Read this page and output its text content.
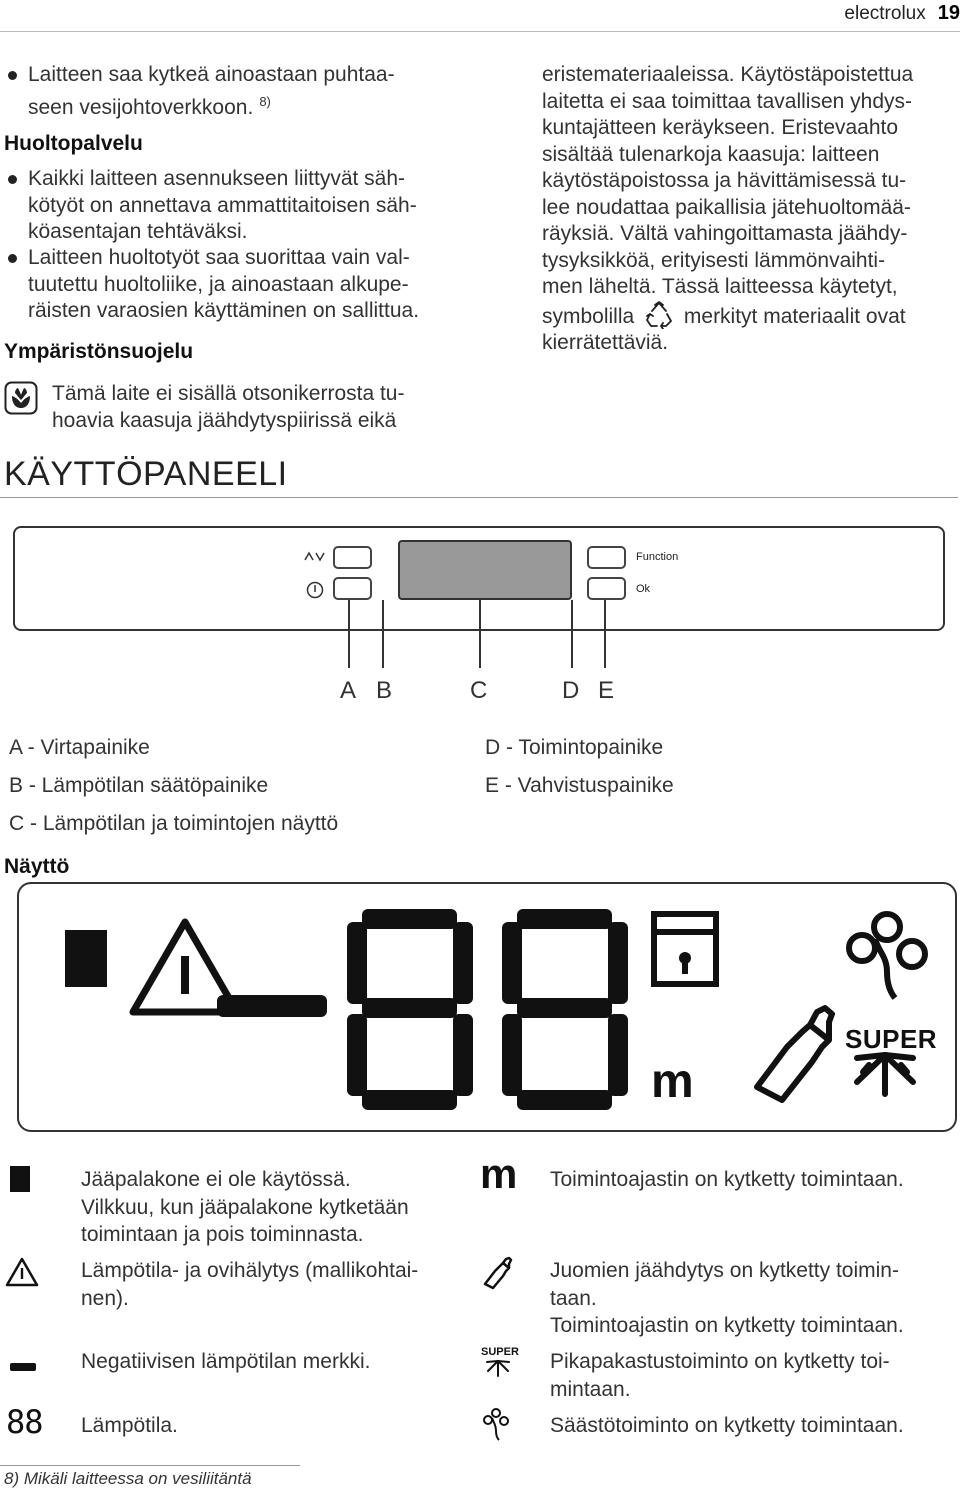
electrolux 19
Laitteen saa kytkeä ainoastaan puhtaa-
seen vesijohtoverkkoon. $^{8)}$
Huoltopalvelu
Kaikki laitteen asennukseen liittyvät säh-
kötyöt on annettava ammattitaitoisen säh-
köasentajan tehtäväksi.
Laitteen huoltotyöt saa suorittaa vain val-
tuutettu huoltoliike, ja ainoastaan alkupe-
räisten varaosien käyttäminen on sallittua.
Ympäristönsuojelu
Tämä laite ei sisällä otsonikerrosta tu-
hoavia kaasuja jäähdytyspiirissä eikä
eristemateriaaleissa. Käytöstäpoistettua
laitetta ei saa toimittaa tavallisen yhdys-
kuntajätteen keräykseen. Eristevaahto
sisältää tulenarkoja kaasuja: laitteen
käytöstäpoistossa ja hävittämisessä tu-
lee noudattaa paikallisia jätehuoltomää-
räyksiä. Vältä vahingoittamasta jäähdy-
tysyksikköä, erityisesti lämmönvaihti-
men läheltä. Tässä laitteessa käytetyt,
symbolilla merkityt materiaalit ovat
kierrätettäviä.
KÄYTTÖPANEELI
Function
Ok
A B	C	D E
A - Virtapainike
B - Lämpötilan säätöpainike
C - Lämpötilan ja toimintojen näyttö
D - Toimintopainike
E - Vahvistuspainike
Näyttö
SUPER
m
Jääpalakone ei ole käytössä.
Vilkkuu, kun jääpalakone kytketään
toimintaan ja pois toiminnasta.
Lämpötila- ja ovihälytys (mallikohtai-
nen).
Negatiivisen lämpötilan merkki.
88 Lämpötila.
m Toimintoajastin on kytketty toimintaan.
Juomien jäähdytys on kytketty toimin-
taan.
Toimintoajastin on kytketty toimintaan.
SUPER Pikapakastustoiminto on kytketty toi-
mintaan.
Säästötoiminto on kytketty toimintaan.
8) Mikäli laitteessa on vesiliitäntä
